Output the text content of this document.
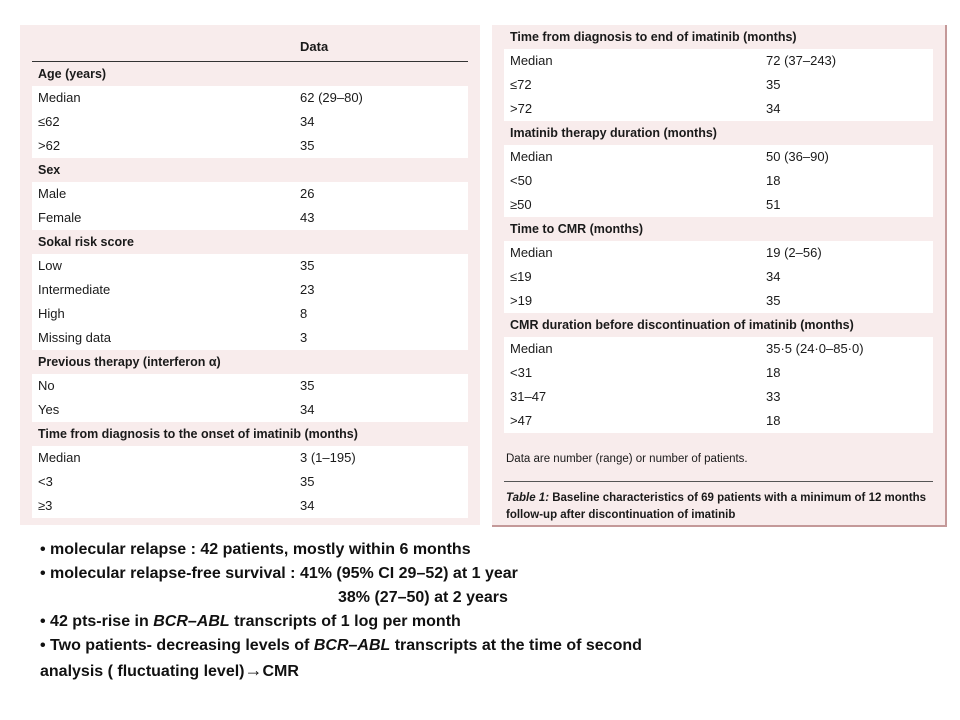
Data
Age (years)
Median	62 (29–80)
≤62	34
>62	35
Sex
Male	26
Female	43
Sokal risk score
Low	35
Intermediate	23
High	8
Missing data	3
Previous therapy (interferon α)
No	35
Yes	34
Time from diagnosis to the onset of imatinib (months)
Median	3 (1–195)
<3	35
≥3	34
Time from diagnosis to end of imatinib (months)
Median	72 (37–243)
≤72	35
>72	34
Imatinib therapy duration (months)
Median	50 (36–90)
<50	18
≥50	51
Time to CMR (months)
Median	19 (2–56)
≤19	34
>19	35
CMR duration before discontinuation of imatinib (months)
Median	35·5 (24·0–85·0)
<31	18
31–47	33
>47	18
Data are number (range) or number of patients.
Table 1: Baseline characteristics of 69 patients with a minimum of 12 months follow-up after discontinuation of imatinib
• molecular relapse : 42 patients, mostly within 6 months
• molecular relapse-free survival : 41% (95% CI 29–52) at 1 year
38% (27–50) at 2 years
• 42 pts-rise in BCR–ABL transcripts of 1 log per month
• Two patients- decreasing levels of BCR–ABL transcripts at the time of second
analysis ( fluctuating level)→CMR
